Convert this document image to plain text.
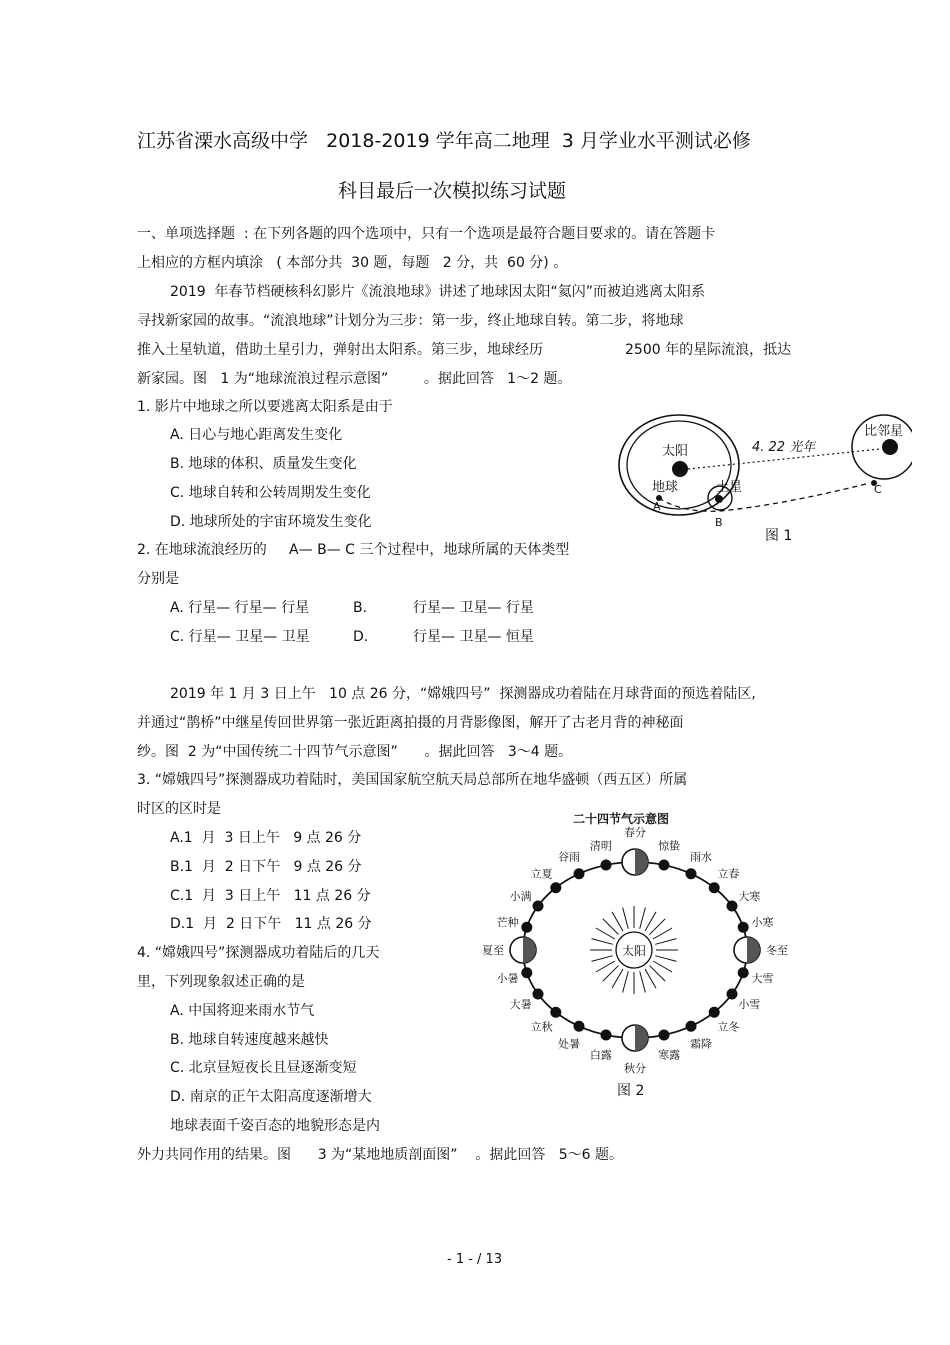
江苏省溧水高级中学   2018-2019 学年高二地理  3 月学业水平测试必修
科目最后一次模拟练习试题
一、单项选择题  : 在下列各题的四个选项中，只有一个选项是最符合题目要求的。请在答题卡
上相应的方框内填涂   ( 本部分共  30 题，每题   2 分，共  60 分) 。
2019  年春节档硬核科幻影片《流浪地球》讲述了地球因太阳“氦闪”而被迫逃离太阳系
寻找新家园的故事。“流浪地球”计划分为三步：第一步，终止地球自转。第二步，将地球
推入土星轨道，借助土星引力，弹射出太阳系。第三步，地球经历	2500 年的星际流浪，抵达
新家园。图   1 为“地球流浪过程示意图”        。据此回答   1～2 题。
1. 影片中地球之所以要逃离太阳系是由于
A. 日心与地心距离发生变化
B. 地球的体积、质量发生变化
C. 地球自转和公转周期发生变化
D. 地球所处的宇宙环境发生变化
2. 在地球流浪经历的     A— B— C 三个过程中，地球所属的天体类型
分别是
A. 行星— 行星— 行星	B.	行星— 卫星— 行星
C. 行星— 卫星— 卫星	D.	行星— 卫星— 恒星
太阳
地球	土星
A
B
比邻星
C
4. 22 光年
图 1
2019 年 1 月 3 日上午   10 点 26 分，“嫦娥四号”  探测器成功着陆在月球背面的预选着陆区,
并通过“鹊桥”中继星传回世界第一张近距离拍摄的月背影像图，解开了古老月背的神秘面
纱。图  2 为“中国传统二十四节气示意图”      。据此回答   3～4 题。
3. “嫦娥四号”探测器成功着陆时，美国国家航空航天局总部所在地华盛顿（西五区）所属
时区的区时是
A.1  月  3 日上午   9 点 26 分
B.1  月  2 日下午   9 点 26 分
C.1  月  3 日上午   11 点 26 分
D.1  月  2 日下午   11 点 26 分
4. “嫦娥四号”探测器成功着陆后的几天
里，下列现象叙述正确的是
A. 中国将迎来雨水节气
B. 地球自转速度越来越快
C. 北京昼短夜长且昼逐渐变短
D. 南京的正午太阳高度逐渐增大
地球表面千姿百态的地貌形态是内
外力共同作用的结果。图      3 为“某地地质剖面图”    。据此回答   5～6 题。
二十四节气示意图
太阳
春分
清明
谷雨
立夏
小满
芒种
夏至
小暑
大暑
立秋
处暑
白露
秋分
寒露
霜降
立冬
小雪
大雪
冬至
小寒
大寒
立春
雨水
惊蛰
图 2
- 1 - / 13
